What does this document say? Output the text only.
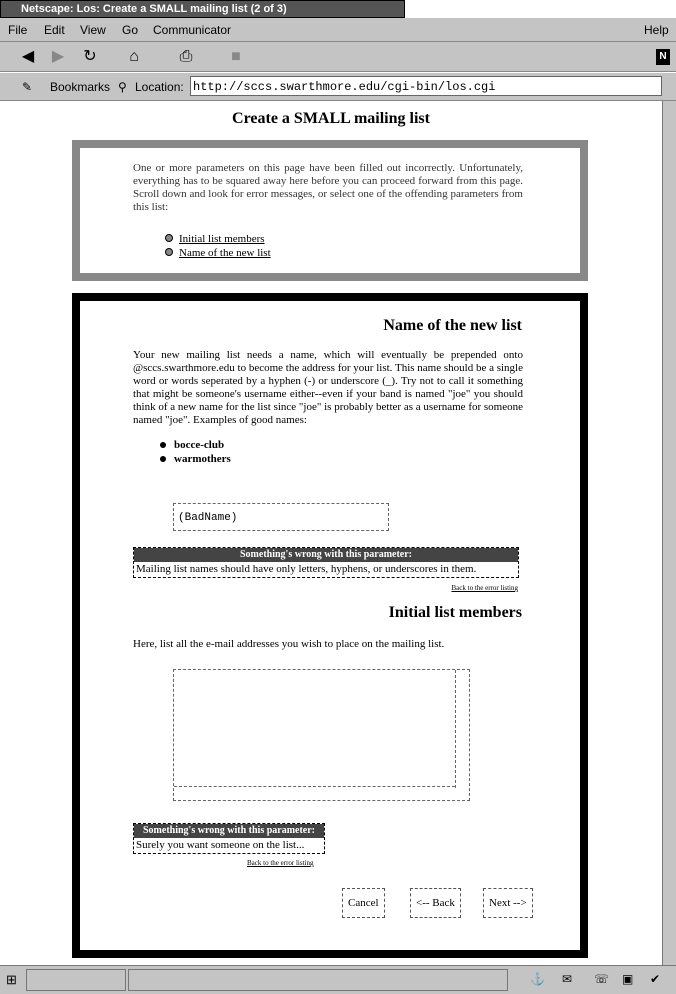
Netscape: Los: Create a SMALL mailing list (2 of 3)
File Edit View Go Communicator	Help
◀ ▶ ↻	⌂	⎙	■	N
✎ Bookmarks ⚲ Location: http://sccs.swarthmore.edu/cgi-bin/los.cgi
Create a SMALL mailing list

One or more parameters on this page have been filled out incorrectly. Unfortunately, everything has to be squared away here before you can proceed forward from this page. Scroll down and look for error messages, or select one of the offending parameters from this list:

Initial list members
Name of the new list
Name of the new list
Your new mailing list needs a name, which will eventually be prepended onto @sccs.swarthmore.edu to become the address for your list. This name should be a single word or words seperated by a hyphen (-) or underscore (_). Try not to call it something that might be someone's username either--even if your band is named "joe" you should think of a new name for the list since "joe" is probably better as a username for someone named "joe". Examples of good names:
bocce-club
warmothers
(BadName)
Something's wrong with this parameter:
Mailing list names should have only letters, hyphens, or underscores in them.
Back to the error listing
Initial list members
Here, list all the e-mail addresses you wish to place on the mailing list.
Something's wrong with this parameter:
Surely you want someone on the list...
Back to the error listing
Cancel	<-- Back	Next -->
⊞	⚓ ✉ ☏ ▣ ✔
